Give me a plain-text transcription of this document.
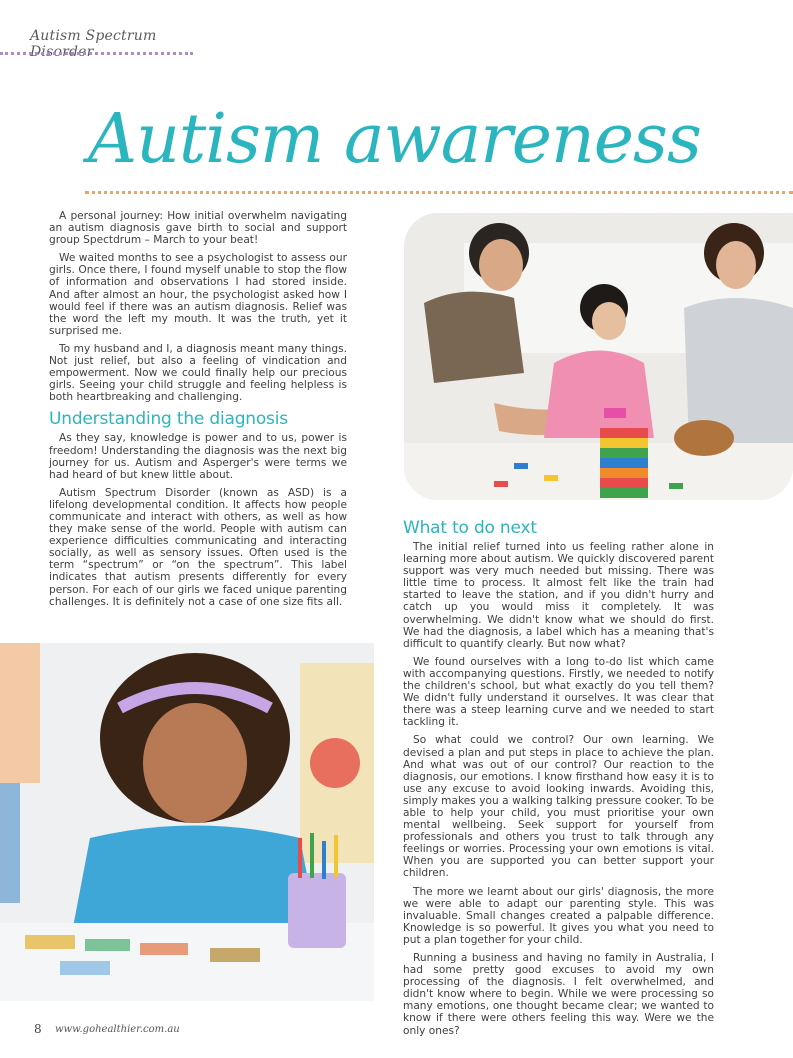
Autism Spectrum Disorder
Autism awareness

A personal journey: How initial overwhelm navigating an autism diagnosis gave birth to social and support group Spectdrum – March to your beat!

We waited months to see a psychologist to assess our girls. Once there, I found myself unable to stop the flow of information and observations I had stored inside. And after almost an hour, the psychologist asked how I would feel if there was an autism diagnosis. Relief was the word the left my mouth. It was the truth, yet it surprised me.

To my husband and I, a diagnosis meant many things. Not just relief, but also a feeling of vindication and empowerment. Now we could finally help our precious girls. Seeing your child struggle and feeling helpless is both heartbreaking and challenging.

Understanding the diagnosis

As they say, knowledge is power and to us, power is freedom! Understanding the diagnosis was the next big journey for us. Autism and Asperger's were terms we had heard of but knew little about.

Autism Spectrum Disorder (known as ASD) is a lifelong developmental condition. It affects how people communicate and interact with others, as well as how they make sense of the world. People with autism can experience difficulties communicating and interacting socially, as well as sensory issues. Often used is the term “spectrum” or “on the spectrum”. This label indicates that autism presents differently for every person. For each of our girls we faced unique parenting challenges. It is definitely not a case of one size fits all.

What to do next

The initial relief turned into us feeling rather alone in learning more about autism. We quickly discovered parent support was very much needed but missing. There was little time to process. It almost felt like the train had started to leave the station, and if you didn't hurry and catch up you would miss it completely. It was overwhelming. We didn't know what we should do first. We had the diagnosis, a label which has a meaning that's difficult to quantify clearly. But now what?

We found ourselves with a long to-do list which came with accompanying questions. Firstly, we needed to notify the children's school, but what exactly do you tell them? We didn't fully understand it ourselves. It was clear that there was a steep learning curve and we needed to start tackling it.

So what could we control? Our own learning. We devised a plan and put steps in place to achieve the plan. And what was out of our control? Our reaction to the diagnosis, our emotions. I know firsthand how easy it is to use any excuse to avoid looking inwards. Avoiding this, simply makes you a walking talking pressure cooker. To be able to help your child, you must prioritise your own mental wellbeing. Seek support for yourself from professionals and others you trust to talk through any feelings or worries. Processing your own emotions is vital. When you are supported you can better support your children.

The more we learnt about our girls' diagnosis, the more we were able to adapt our parenting style. This was invaluable. Small changes created a palpable difference. Knowledge is so powerful. It gives you what you need to put a plan together for your child.

Running a business and having no family in Australia, I had some pretty good excuses to avoid my own processing of the diagnosis. I felt overwhelmed, and didn't know where to begin. While we were processing so many emotions, one thought became clear; we wanted to know if there were others feeling this way. Were we the only ones?

8 www.gohealthier.com.au
